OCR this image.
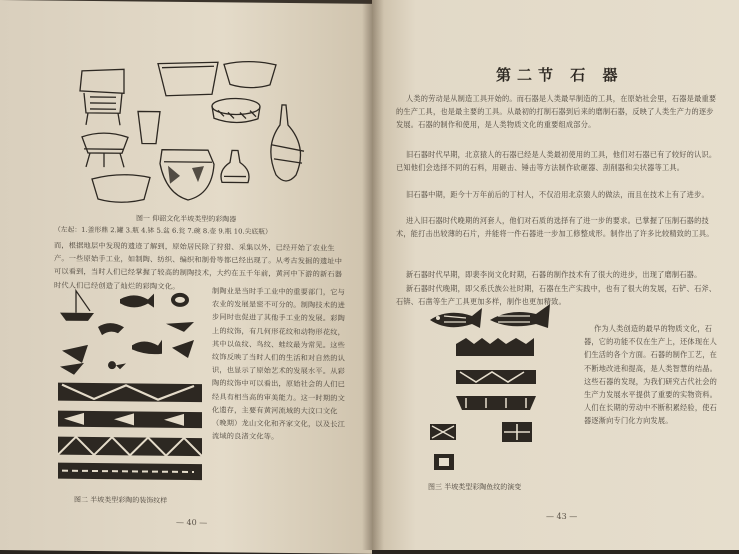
图一 仰韶文化半坡类型的彩陶器
（左起：1.釜形鼎 2.罐 3.瓶 4.钵 5.盆 6.瓮 7.碗 8.壶 9.瓶 10.尖底瓶）
而，根据地层中发现的遗迹了解到，原始居民除了狩猎、采集以外，已经开始了农业生产。一些原始手工业，如制陶、纺织、编织和制骨等都已经出现了。从考古发掘的遗址中可以看到，当时人们已经掌握了较高的制陶技术，大约在五千年前，黄河中下游的新石器时代人们已经创造了灿烂的彩陶文化。
制陶业是当时手工业中的重要部门，它与农业的发展是密不可分的。制陶技术的进步同时也促进了其他手工业的发展。彩陶上的纹饰，有几何形花纹和动物形花纹，其中以鱼纹、鸟纹、蛙纹最为常见。这些纹饰反映了当时人们的生活和对自然的认识，也显示了原始艺术的发展水平。从彩陶的纹饰中可以看出，原始社会的人们已经具有相当高的审美能力。这一时期的文化遗存，主要有黄河流域的大汶口文化（晚期）龙山文化和齐家文化，以及长江流域的良渚文化等。
图二 半坡类型彩陶的装饰纹样
— 40 —
第二节 石 器
人类的劳动是从制造工具开始的。而石器是人类最早制造的工具，在原始社会里，石器是最重要的生产工具，也是最主要的工具。从最初的打制石器到后来的磨制石器，反映了人类生产力的逐步发展。石器的制作和使用，是人类物质文化的重要组成部分。
旧石器时代早期，北京猿人的石器已经是人类最初使用的工具，他们对石器已有了较好的认识。已知他们会选择不同的石料，用砸击、锤击等方法制作砍砸器、刮削器和尖状器等工具。
旧石器中期，距今十万年前后的丁村人，不仅沿用北京猿人的做法，而且在技术上有了进步。
进入旧石器时代晚期的河套人，他们对石质的选择有了进一步的要求。已掌握了压制石器的技术，能打击出较薄的石片，并能将一件石器进一步加工修整成形。制作出了许多比较精致的工具。
新石器时代早期，即裴李岗文化时期，石器的制作技术有了很大的进步，出现了磨制石器。
新石器时代晚期，即父系氏族公社时期，石器在生产实践中，也有了很大的发展，石铲、石斧、石锛、石凿等生产工具更加多样，制作也更加精致。
作为人类创造的最早的物质文化，石器，它的功能不仅在生产上，还体现在人们生活的各个方面。石器的制作工艺，在不断地改进和提高，是人类智慧的结晶。这些石器的发现，为我们研究古代社会的生产力发展水平提供了重要的实物资料。人们在长期的劳动中不断积累经验，使石器逐渐向专门化方向发展。
图三 半坡类型彩陶鱼纹的演变
— 43 —
